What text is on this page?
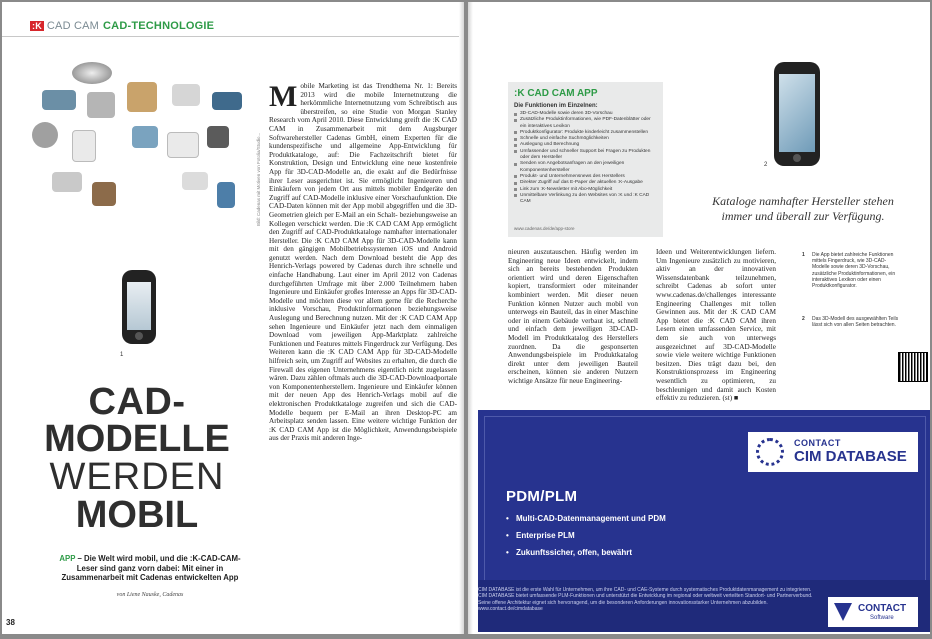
:K CAD CAM CAD-TECHNOLOGIE
1
Bild: Cadenas mit Motiven von Fotolia/Studio...
CAD-
MODELLE
WERDEN
MOBIL
APP – Die Welt wird mobil, und die :K-CAD-CAM-Leser sind ganz vorn dabei: Mit einer in Zusammenarbeit mit Cadenas entwickelten App
von Liene Nauske, Cadenas
Mobile Marketing ist das Trendthema Nr. 1: Bereits 2013 wird die mobile Internetnutzung die herkömmliche Internetnutzung vom Schreibtisch aus überstreifen, so eine Studie von Morgan Stanley Research vom April 2010. Diese Entwicklung greift die :K CAD CAM in Zusammenarbeit mit dem Augsburger Softwarehersteller Cadenas GmbH, einem Experten für die kundenspezifische und allgemeine App-Entwicklung für Produktkataloge, auf: Die Fachzeitschrift bietet für Konstruktion, Design und Entwicklung eine neue kostenfreie App für 3D-CAD-Modelle an, die exakt auf die Bedürfnisse ihrer Leser ausgerichtet ist. Sie ermöglicht Ingenieuren und Einkäufern von jedem Ort aus mittels mobiler Endgeräte den Zugriff auf CAD-Modelle inklusive einer Vorschaufunktion. Die CAD-Daten können mit der App mobil abgegriffen und die 3D-Geometrien gleich per E-Mail an ein Schalt- beziehungsweise an Kollegen verschickt werden. Die :K CAD CAM App ermöglicht den Zugriff auf CAD-Produktkataloge namhafter internationaler Hersteller. Die :K CAD CAM App für 3D-CAD-Modelle kann mit den gängigen Mobilbetriebssystemen iOS und Android genutzt werden. Nach dem Download besteht die App des Henrich-Verlags powered by Cadenas durch ihre schnelle und einfache Handhabung. Laut einer im April 2012 von Cadenas durchgeführten Umfrage mit über 2.000 Teilnehmern haben Ingenieure und Einkäufer großes Interesse an Apps für 3D-CAD-Modelle und möchten diese vor allem gerne für die Recherche inklusive Vorschau, Produktinformationen beziehungsweise Auslegung und Berechnung nutzen. Mit der :K CAD CAM App sehen Ingenieure und Einkäufer jetzt nach dem einmaligen Download vom jeweiligen App-Marktplatz zahlreiche Funktionen und Features mittels Fingerdruck zur Verfügung. Des Weiteren kann die :K CAD CAM App für 3D-CAD-Modelle hilfreich sein, um Zugriff auf Websites zu erhalten, die durch die Firewall des eigenen Unternehmens eigentlich nicht zugelassen wären. Dazu zählen oftmals auch die 3D-CAD-Downloadportale von Komponentenherstellern. Ingenieure und Einkäufer können mit der neuen App des Henrich-Verlags mobil auf die elektronischen Produktkataloge zugreifen und sich die CAD-Modelle bequem per E-Mail an ihren Desktop-PC am Arbeitsplatz senden lassen. Eine weitere wichtige Funktion der :K CAD CAM App ist die Möglichkeit, Anwendungsbeispiele aus der Praxis mit anderen Inge-
38
:K CAD CAM APP
Die Funktionen im Einzelnen:
3D-CAD-Modelle sowie deren 3D-Vorschau
Zusätzliche Produktinformationen, wie PDF-Datenblätter oder ein interaktives Lexikon
Produktkonfigurator: Produkte kinderleicht zusammenstellen
Schnelle und einfache Suchmöglichkeiten
Auslegung und Berechnung
Umfassender und schneller Support bei Fragen zu Produkten oder dem Hersteller
Senden von Angebotsanfragen an den jeweiligen Komponentenhersteller
Produkt- und Unternehmensnews des Herstellers
Direkter Zugriff auf das E-Paper der aktuellen :K-Ausgabe
Link zum :K-Newsletter mit Abo-Möglichkeit
Unmittelbare Verlinkung zu den Websites von :K und :K CAD CAM
www.cadenas.de/de/app-store
2
Kataloge namhafter Hersteller stehen immer und überall zur Verfügung.
nieuren auszutauschen. Häufig werden im Engineering neue Ideen entwickelt, indem sich an bereits bestehenden Produkten orientiert wird und deren Eigenschaften kopiert, transformiert oder miteinander kombiniert werden. Mit dieser neuen Funktion können Nutzer auch mobil von unterwegs ein Bauteil, das in einer Maschine oder in einem Gebäude verbaut ist, schnell und einfach dem jeweiligen 3D-CAD-Modell im Produktkatalog des Herstellers zuordnen. Da die gesponserten Anwendungsbeispiele im Produktkatalog direkt unter dem jeweiligen Bauteil erscheinen, können sie anderen Nutzern wichtige Ansätze für neue Engineering-
Ideen und Weiterentwicklungen liefern. Um Ingenieure zusätzlich zu motivieren, aktiv an der innovativen Wissensdatenbank teilzunehmen, schreibt Cadenas ab sofort unter www.cadenas.de/challenges interessante Engineering Challenges mit tollen Gewinnen aus. Mit der :K CAD CAM App bietet die :K CAD CAM ihren Lesern einen umfassenden Service, mit dem sie auch von unterwegs ausgezeichnet auf 3D-CAD-Modelle sowie viele weitere wichtige Funktionen besitzen. Dies trägt dazu bei, den Konstruktionsprozess im Engineering wesentlich zu optimieren, zu beschleunigen und damit auch Kosten effektiv zu reduzieren. (st) ■
1	Die App bietet zahlreiche Funktionen mittels Fingerdruck, wie 3D-CAD-Modelle sowie deren 3D-Vorschau, zusätzliche Produktinformationen, ein interaktives Lexikon oder einen Produktkonfigurator.
2	Das 3D-Modell des ausgewählten Teils lässt sich von allen Seiten betrachten.
CONTACT
CIM DATABASE
PDM/PLM
• Multi-CAD-Datenmanagement und PDM
• Enterprise PLM
• Zukunftssicher, offen, bewährt
CIM DATABASE ist die erste Wahl für Unternehmen, um ihre CAD- und CAE-Systeme durch systematisches Produktdatenmanagement zu integrieren. CIM DATABASE bietet umfassende PLM-Funktionen und unterstützt die Entwicklung im regional oder weltweit verteilten Standort- und Partnerverbund. Seine offene Architektur eignet sich hervorragend, um die besonderen Anforderungen innovationsstarker Unternehmen abzubilden. www.contact.de/cimdatabase	CONTACT
Software
